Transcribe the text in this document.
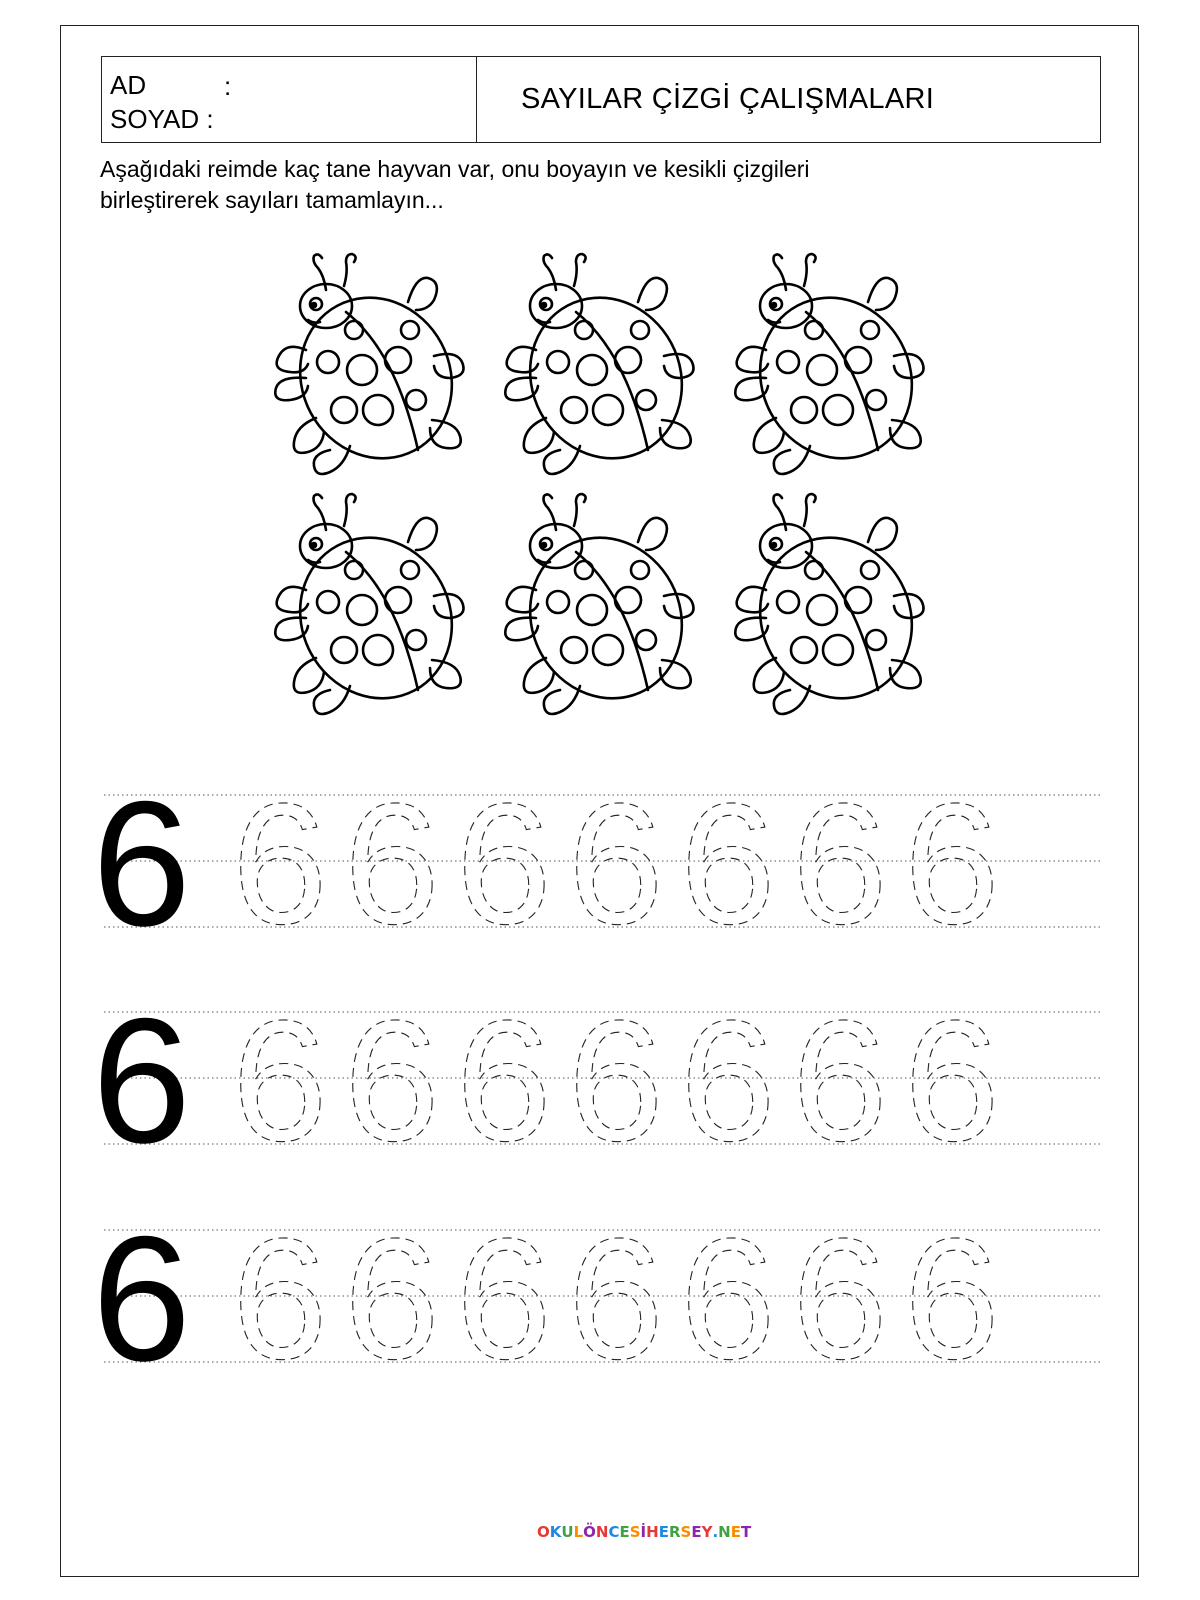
AD	:
SOYAD :
SAYILAR ÇİZGİ ÇALIŞMALARI
Aşağıdaki reimde kaç tane hayvan var, onu boyayın ve kesikli çizgileri
birleştirerek sayıları tamamlayın...
6 6 6 6 6 6 6 6
6 6 6 6 6 6 6 6
6 6 6 6 6 6 6 6
OKULÖNCESİHERSEY.NET
